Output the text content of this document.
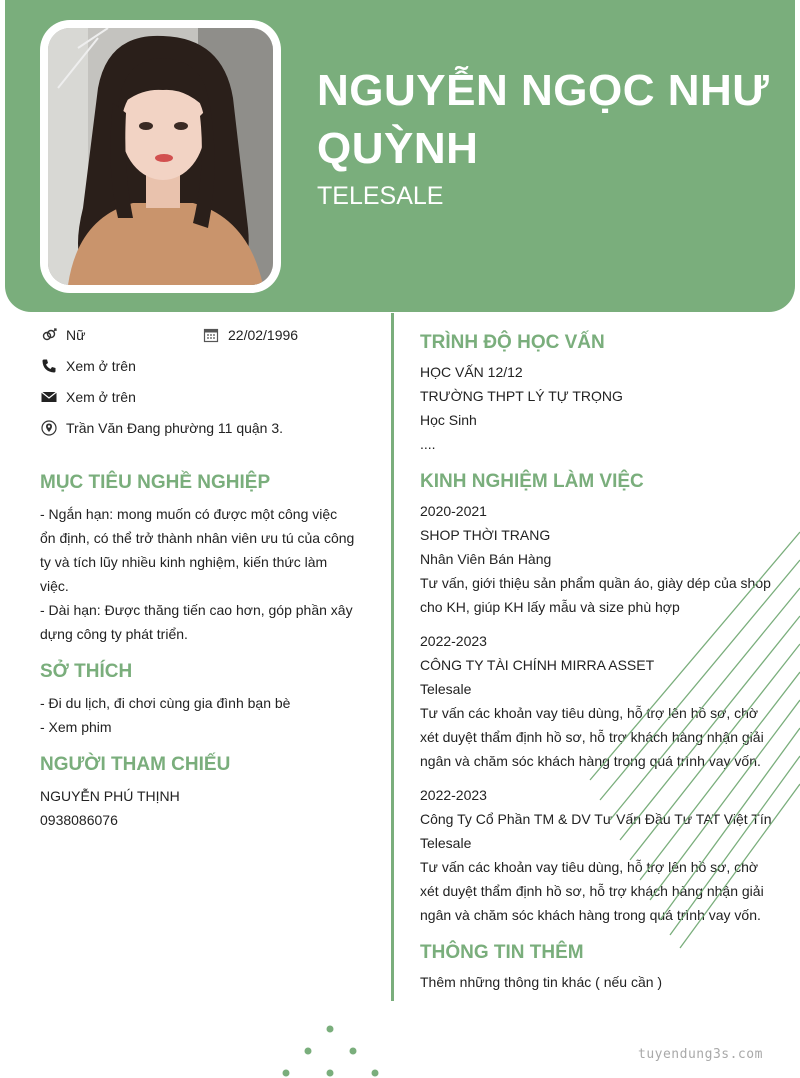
NGUYỄN NGỌC NHƯ
QUỲNH
TELESALE
Nữ	22/02/1996
Xem ở trên
Xem ở trên
Trần Văn Đang phường 11 quận 3.
MỤC TIÊU NGHỀ NGHIỆP
- Ngắn hạn: mong muốn có được một công việc
ổn định, có thể trở thành nhân viên ưu tú của công
ty và tích lũy nhiều kinh nghiệm, kiến thức làm
việc.
- Dài hạn: Được thăng tiến cao hơn, góp phần xây
dựng công ty phát triển.
SỞ THÍCH
- Đi du lịch, đi chơi cùng gia đình bạn bè
- Xem phim
NGƯỜI THAM CHIẾU
NGUYỄN PHÚ THỊNH
0938086076
TRÌNH ĐỘ HỌC VẤN
HỌC VẤN 12/12
TRƯỜNG THPT LÝ TỰ TRỌNG
Học Sinh
....
KINH NGHIỆM LÀM VIỆC
2020-2021
SHOP THỜI TRANG
Nhân Viên Bán Hàng
Tư vấn, giới thiệu sản phẩm quần áo, giày dép của shop
cho KH, giúp KH lấy mẫu và size phù hợp
2022-2023
CÔNG TY TÀI CHÍNH MIRRA ASSET
Telesale
Tư vấn các khoản vay tiêu dùng, hỗ trợ lên hồ sơ, chờ
xét duyệt thẩm định hồ sơ, hỗ trợ khách hàng nhận giải
ngân và chăm sóc khách hàng trong quá trình vay vốn.
2022-2023
Công Ty Cổ Phần TM & DV Tư Vấn Đầu Tư TAT Việt Tín
Telesale
Tư vấn các khoản vay tiêu dùng, hỗ trợ lên hồ sơ, chờ
xét duyệt thẩm định hồ sơ, hỗ trợ khách hàng nhận giải
ngân và chăm sóc khách hàng trong quá trình vay vốn.
THÔNG TIN THÊM
Thêm những thông tin khác ( nếu cần )
tuyendung3s.com
